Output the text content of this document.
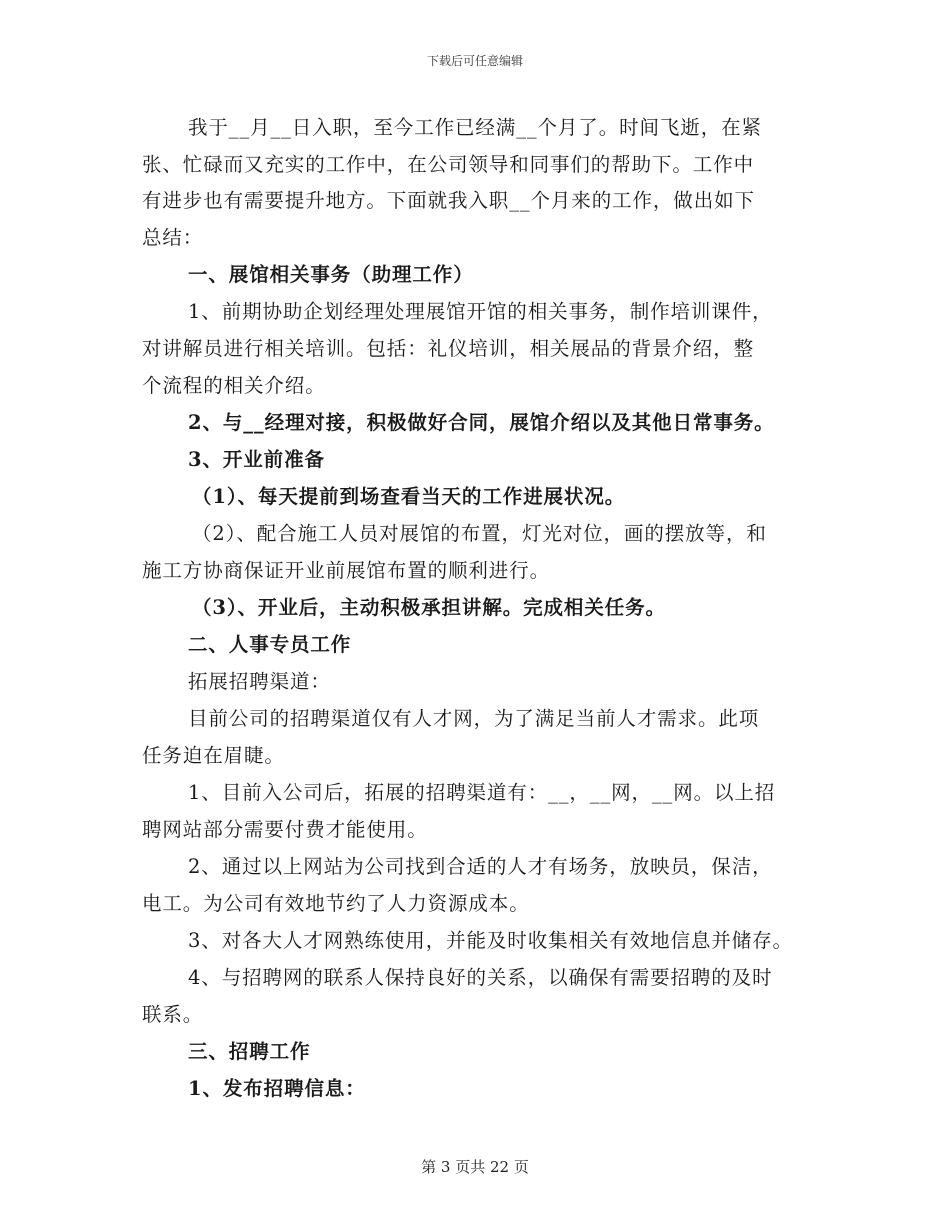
下载后可任意编辑
我于__月__日入职，至今工作已经满__个月了。时间飞逝，在紧
张、忙碌而又充实的工作中，在公司领导和同事们的帮助下。工作中
有进步也有需要提升地方。下面就我入职__个月来的工作，做出如下
总结：
一、展馆相关事务（助理工作）
1、前期协助企划经理处理展馆开馆的相关事务，制作培训课件，
对讲解员进行相关培训。包括：礼仪培训，相关展品的背景介绍，整
个流程的相关介绍。
2、与__经理对接，积极做好合同，展馆介绍以及其他日常事务。
3、开业前准备
（1）、每天提前到场查看当天的工作进展状况。
（2）、配合施工人员对展馆的布置，灯光对位，画的摆放等，和
施工方协商保证开业前展馆布置的顺利进行。
（3）、开业后，主动积极承担讲解。完成相关任务。
二、人事专员工作
拓展招聘渠道：
目前公司的招聘渠道仅有人才网，为了满足当前人才需求。此项
任务迫在眉睫。
1、目前入公司后，拓展的招聘渠道有：__，__网，__网。以上招
聘网站部分需要付费才能使用。
2、通过以上网站为公司找到合适的人才有场务，放映员，保洁，
电工。为公司有效地节约了人力资源成本。
3、对各大人才网熟练使用，并能及时收集相关有效地信息并储存。
4、与招聘网的联系人保持良好的关系，以确保有需要招聘的及时
联系。
三、招聘工作
1、发布招聘信息：
第 3 页共 22 页
